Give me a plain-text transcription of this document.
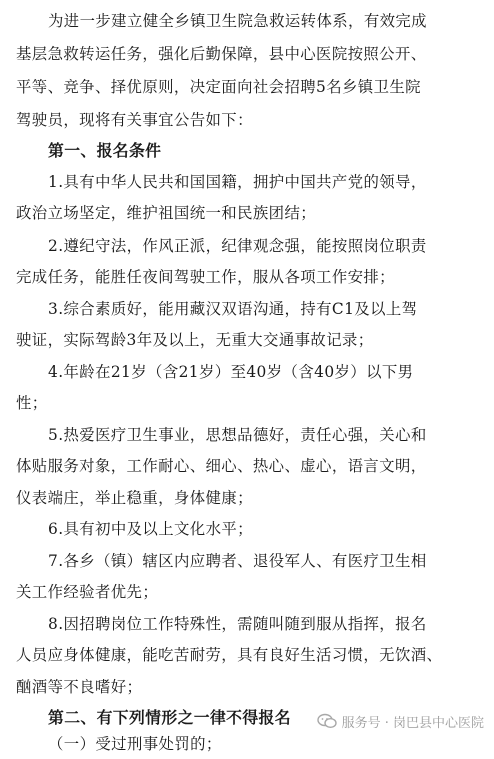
为进一步建立健全乡镇卫生院急救运转体系，有效完成
基层急救转运任务，强化后勤保障，县中心医院按照公开、
平等、竞争、择优原则，决定面向社会招聘5名乡镇卫生院
驾驶员，现将有关事宜公告如下：
第一、报名条件
1.具有中华人民共和国国籍，拥护中国共产党的领导，
政治立场坚定，维护祖国统一和民族团结；
2.遵纪守法，作风正派，纪律观念强，能按照岗位职责
完成任务，能胜任夜间驾驶工作，服从各项工作安排；
3.综合素质好，能用藏汉双语沟通，持有C1及以上驾
驶证，实际驾龄3年及以上，无重大交通事故记录；
4.年龄在21岁（含21岁）至40岁（含40岁）以下男
性；
5.热爱医疗卫生事业，思想品德好，责任心强，关心和
体贴服务对象，工作耐心、细心、热心、虚心，语言文明，
仪表端庄，举止稳重，身体健康；
6.具有初中及以上文化水平；
7.各乡（镇）辖区内应聘者、退役军人、有医疗卫生相
关工作经验者优先；
8.因招聘岗位工作特殊性，需随叫随到服从指挥，报名
人员应身体健康，能吃苦耐劳，具有良好生活习惯，无饮酒、
酗酒等不良嗜好；
第二、有下列情形之一律不得报名
（一）受过刑事处罚的；
服务号 · 岗巴县中心医院
